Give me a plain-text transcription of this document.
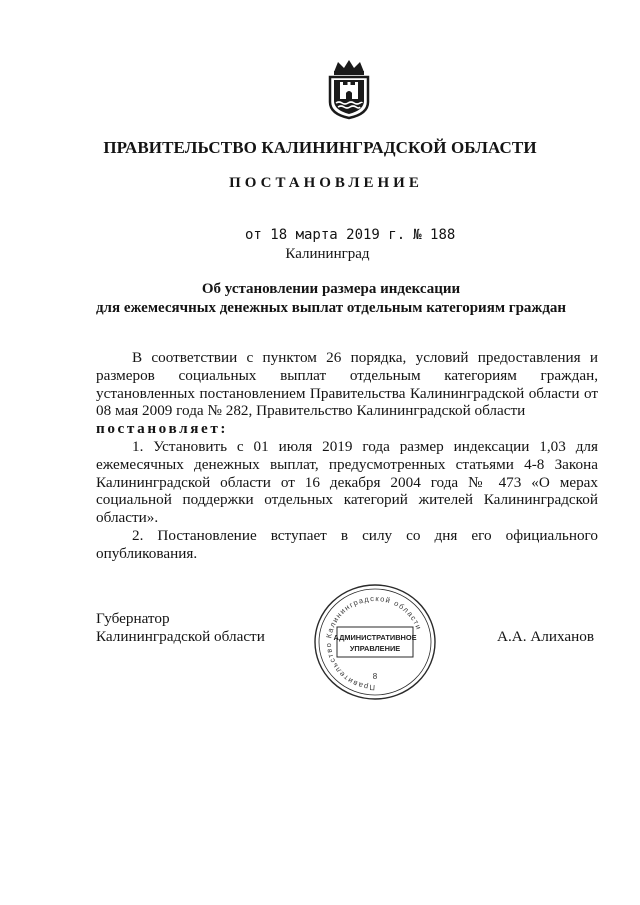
ПРАВИТЕЛЬСТВО КАЛИНИНГРАДСКОЙ ОБЛАСТИ
ПОСТАНОВЛЕНИЕ
от 18 марта 2019 г. № 188
Калининград
Об установлении размера индексации
для ежемесячных денежных выплат отдельным категориям граждан

В соответствии с пунктом 26 порядка, условий предоставления и размеров социальных выплат отдельным категориям граждан, установленных постановлением Правительства Калининградской области от 08 мая 2009 года № 282, Правительство Калининградской области

постановляет:

1. Установить с 01 июля 2019 года размер индексации 1,03 для ежемесячных денежных выплат, предусмотренных статьями 4-8 Закона Калининградской области от 16 декабря 2004 года № 473 «О мерах социальной поддержки отдельных категорий жителей Калининградской области».

2. Постановление вступает в силу со дня его официального опубликования.

Губернатор
Калининградской области
Правительство Калининградской области
АДМИНИСТРАТИВНОЕ
УПРАВЛЕНИЕ
8
А.А. Алиханов
